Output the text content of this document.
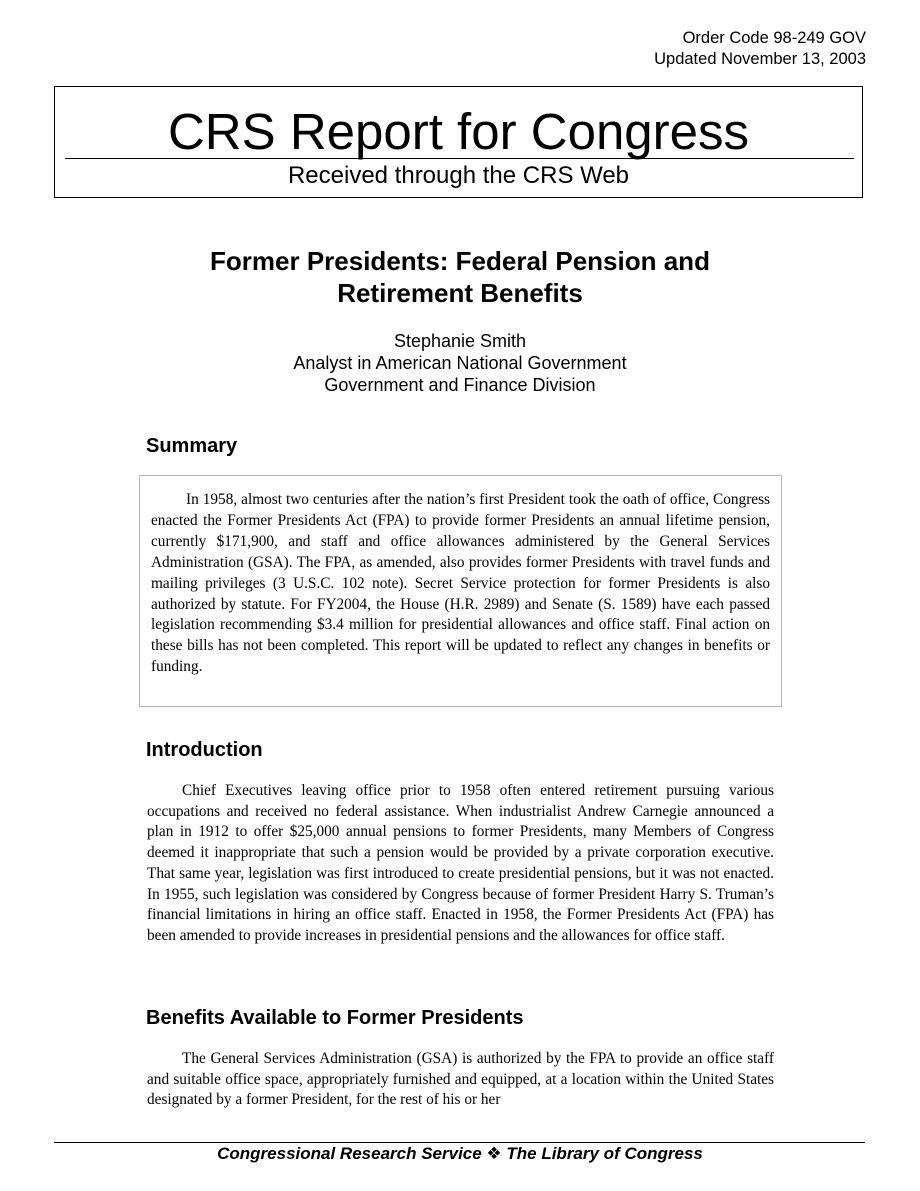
Order Code 98-249 GOV
Updated November 13, 2003
CRS Report for Congress
Received through the CRS Web
Former Presidents: Federal Pension and
Retirement Benefits
Stephanie Smith
Analyst in American National Government
Government and Finance Division
Summary

In 1958, almost two centuries after the nation’s first President took the oath of office, Congress enacted the Former Presidents Act (FPA) to provide former Presidents an annual lifetime pension, currently $171,900, and staff and office allowances administered by the General Services Administration (GSA). The FPA, as amended, also provides former Presidents with travel funds and mailing privileges (3 U.S.C. 102 note). Secret Service protection for former Presidents is also authorized by statute. For FY2004, the House (H.R. 2989) and Senate (S. 1589) have each passed legislation recommending $3.4 million for presidential allowances and office staff. Final action on these bills has not been completed. This report will be updated to reflect any changes in benefits or funding.

Introduction

Chief Executives leaving office prior to 1958 often entered retirement pursuing various occupations and received no federal assistance. When industrialist Andrew Carnegie announced a plan in 1912 to offer $25,000 annual pensions to former Presidents, many Members of Congress deemed it inappropriate that such a pension would be provided by a private corporation executive. That same year, legislation was first introduced to create presidential pensions, but it was not enacted. In 1955, such legislation was considered by Congress because of former President Harry S. Truman’s financial limitations in hiring an office staff. Enacted in 1958, the Former Presidents Act (FPA) has been amended to provide increases in presidential pensions and the allowances for office staff.

Benefits Available to Former Presidents

The General Services Administration (GSA) is authorized by the FPA to provide an office staff and suitable office space, appropriately furnished and equipped, at a location within the United States designated by a former President, for the rest of his or her

Congressional Research Service ❖ The Library of Congress
